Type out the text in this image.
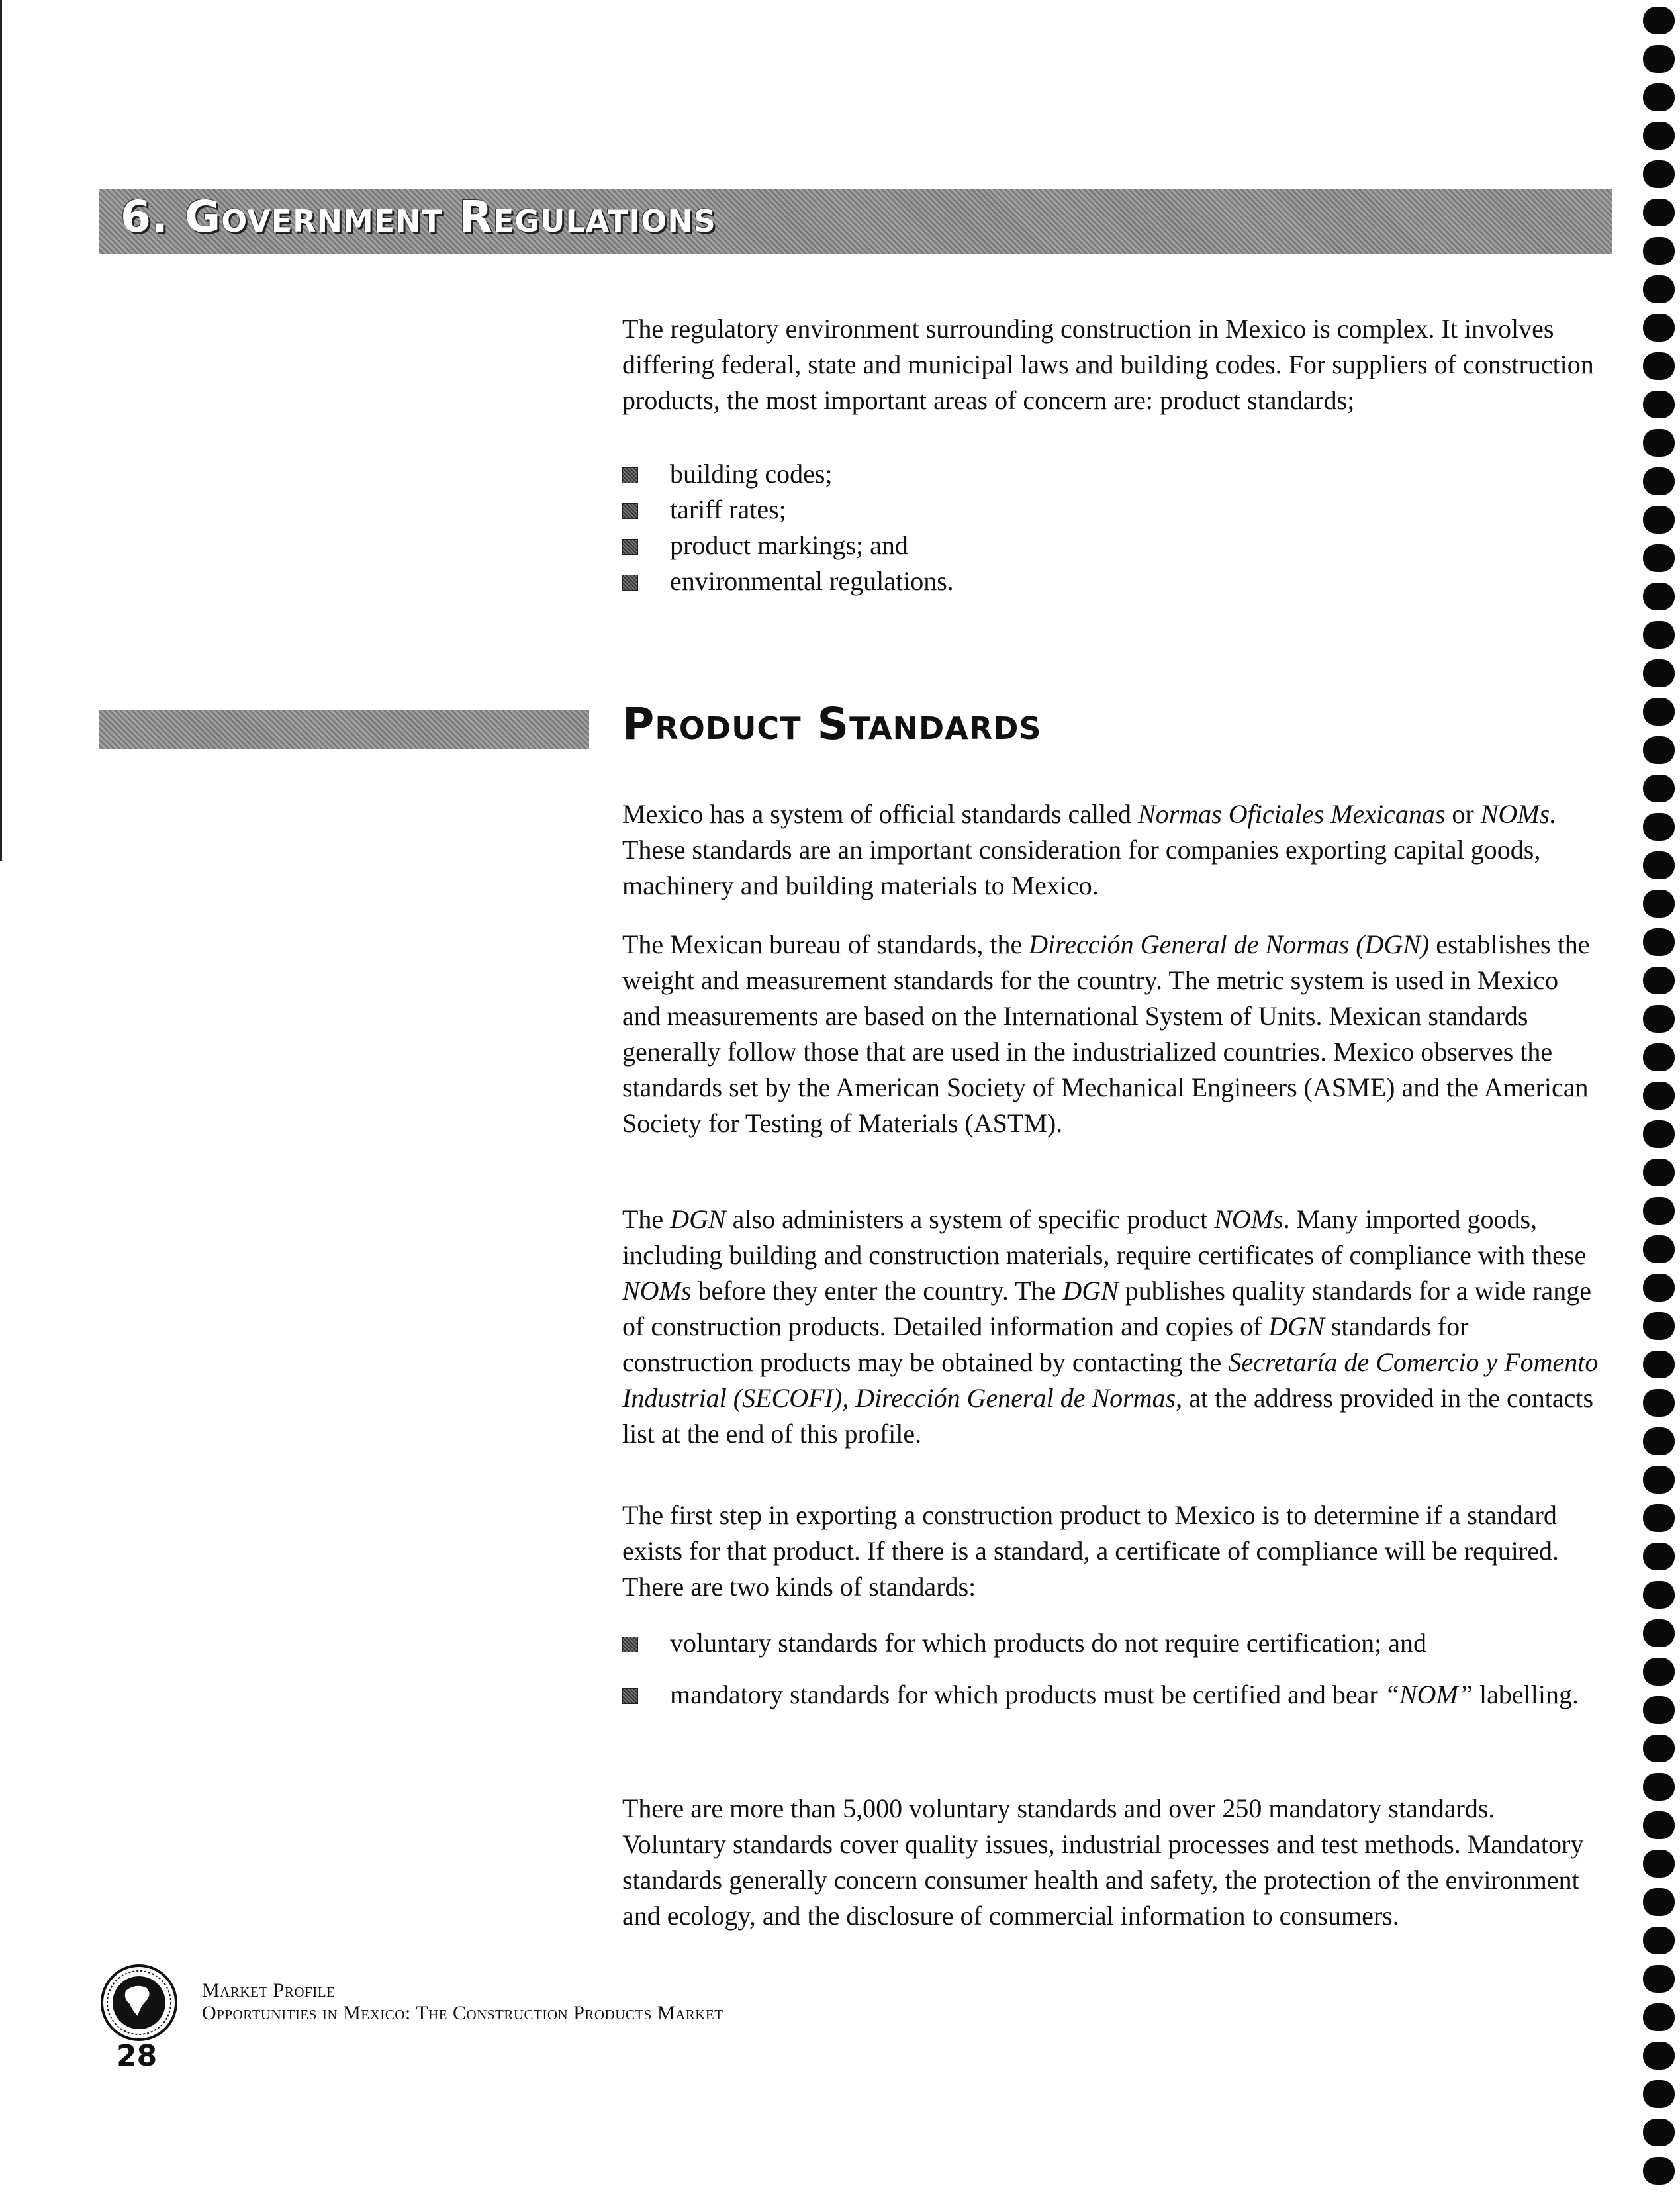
6. Government Regulations

The regulatory environment surrounding construction in Mexico is complex. It involves differing federal, state and municipal laws and building codes. For suppliers of construction products, the most important areas of concern are: product standards;

building codes;
tariff rates;
product markings; and
environmental regulations.
Product Standards

Mexico has a system of official standards called Normas Oficiales Mexicanas or NOMs. These standards are an important consideration for companies exporting capital goods, machinery and building materials to Mexico.

The Mexican bureau of standards, the Dirección General de Normas (DGN) establishes the weight and measurement standards for the country. The metric system is used in Mexico and measurements are based on the International System of Units. Mexican standards generally follow those that are used in the industrialized countries. Mexico observes the standards set by the American Society of Mechanical Engineers (ASME) and the American Society for Testing of Materials (ASTM).

The DGN also administers a system of specific product NOMs. Many imported goods, including building and construction materials, require certificates of compliance with these NOMs before they enter the country. The DGN publishes quality standards for a wide range of construction products. Detailed information and copies of DGN standards for construction products may be obtained by contacting the Secretaría de Comercio y Fomento Industrial (SECOFI), Dirección General de Normas, at the address provided in the contacts list at the end of this profile.

The first step in exporting a construction product to Mexico is to determine if a standard exists for that product. If there is a standard, a certificate of compliance will be required. There are two kinds of standards:

voluntary standards for which products do not require certification; and
mandatory standards for which products must be certified and bear “NOM” labelling.

There are more than 5,000 voluntary standards and over 250 mandatory standards. Voluntary standards cover quality issues, industrial processes and test methods. Mandatory standards generally concern consumer health and safety, the protection of the environment and ecology, and the disclosure of commercial information to consumers.

Market Profile

Opportunities in Mexico: The Construction Products Market

28
